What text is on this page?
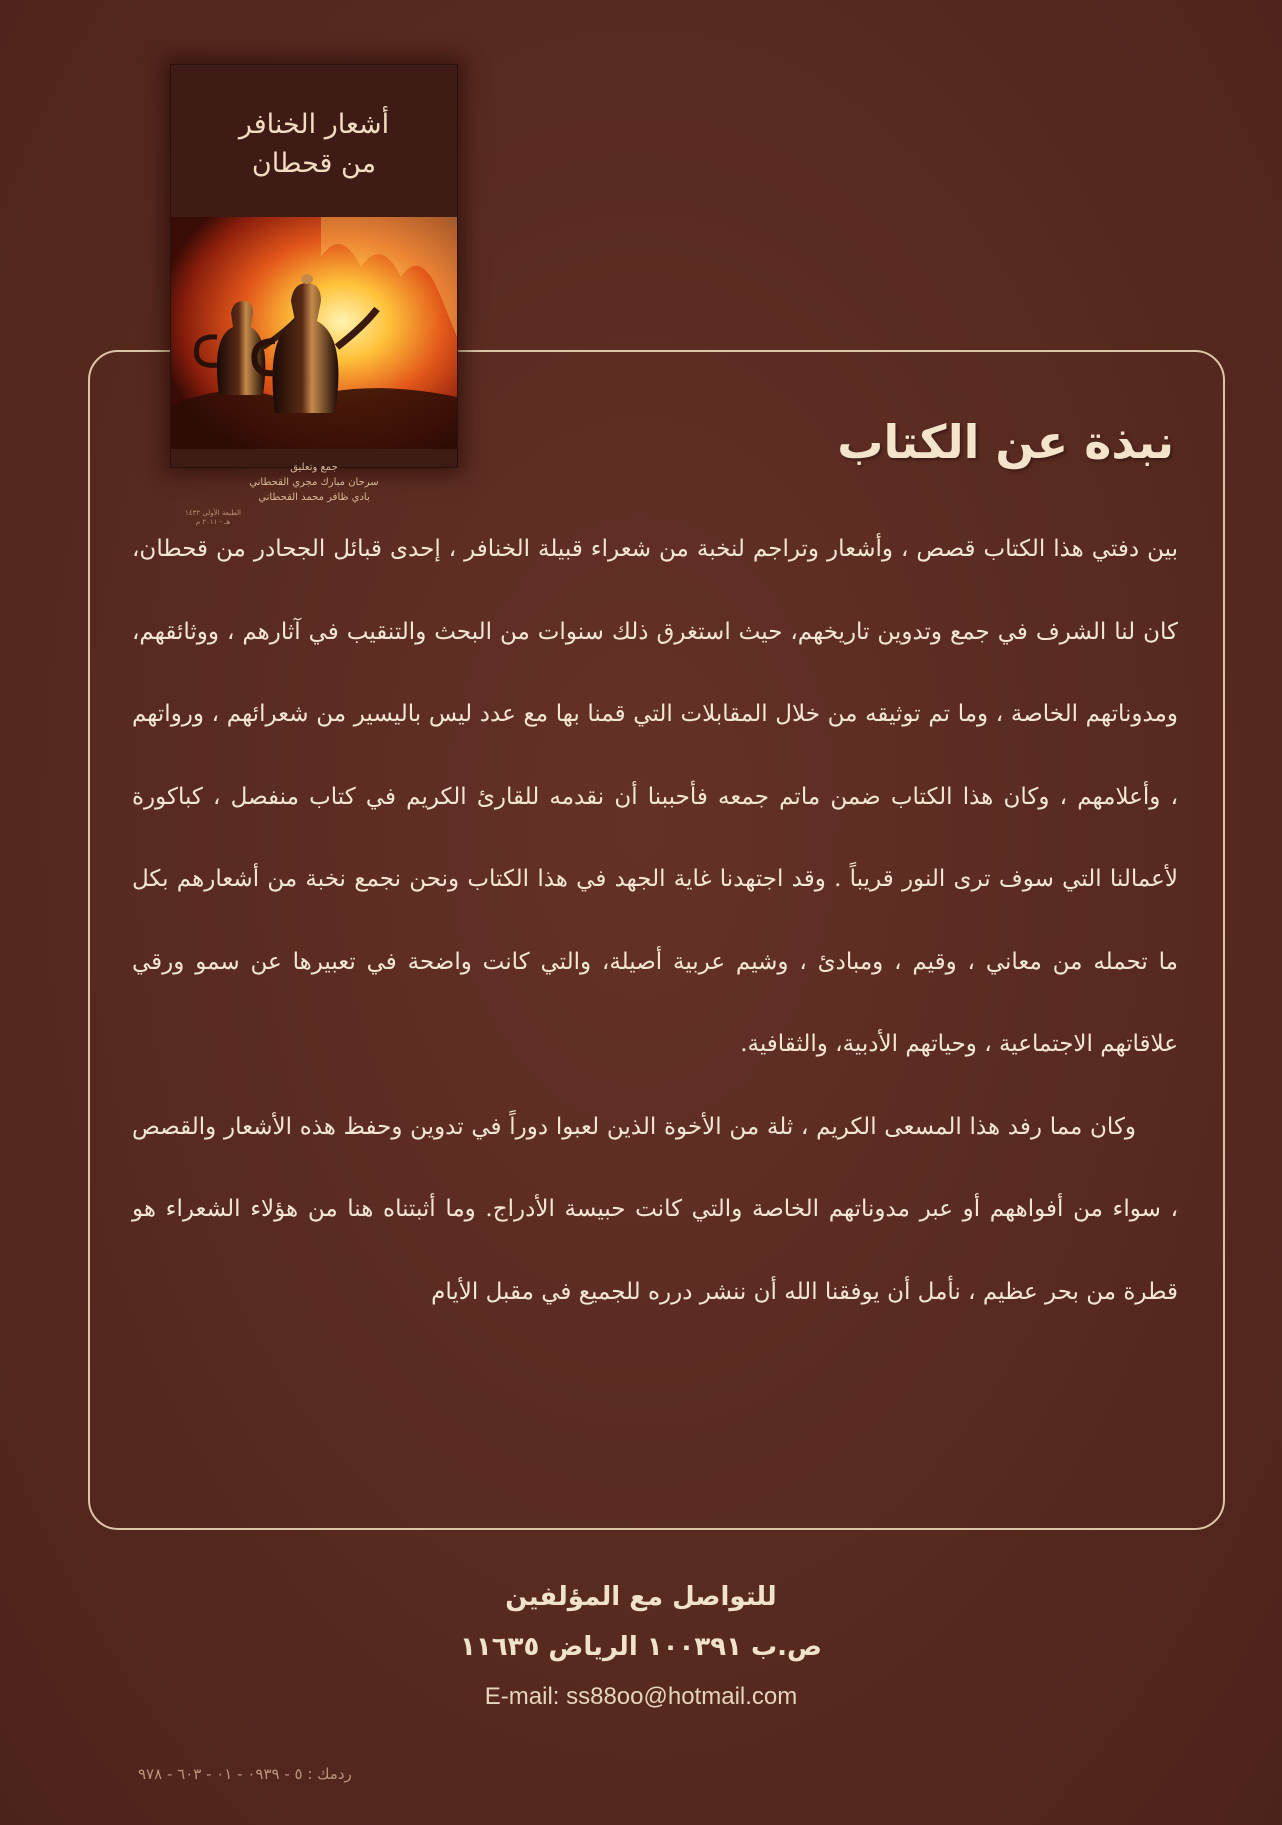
أشعار الخنافر
من قحطان
جمع وتعليق
سرحان مبارك مجري القحطاني
بادي ظافر محمد القحطاني
الطبعة الأولى ١٤٣٢ هـ - ٢٠١١ م
نبذة عن الكتاب

بين دفتي هذا الكتاب قصص ، وأشعار وتراجم لنخبة من شعراء قبيلة الخنافر ، إحدى قبائل الجحادر من قحطان، كان لنا الشرف في جمع وتدوين تاريخهم، حيث استغرق ذلك سنوات من البحث والتنقيب في آثارهم ، ووثائقهم، ومدوناتهم الخاصة ، وما تم توثيقه من خلال المقابلات التي قمنا بها مع عدد ليس باليسير من شعرائهم ، ورواتهم ، وأعلامهم ، وكان هذا الكتاب ضمن ماتم جمعه فأحببنا أن نقدمه للقارئ الكريم في كتاب منفصل ، كباكورة لأعمالنا التي سوف ترى النور قريباً . وقد اجتهدنا غاية الجهد في هذا الكتاب ونحن نجمع نخبة من أشعارهم بكل ما تحمله من معاني ، وقيم ، ومبادئ ، وشيم عربية أصيلة، والتي كانت واضحة في تعبيرها عن سمو ورقي علاقاتهم الاجتماعية ، وحياتهم الأدبية، والثقافية.

وكان مما رفد هذا المسعى الكريم ، ثلة من الأخوة الذين لعبوا دوراً في تدوين وحفظ هذه الأشعار والقصص ، سواء من أفواههم أو عبر مدوناتهم الخاصة والتي كانت حبيسة الأدراج. وما أثبتناه هنا من هؤلاء الشعراء هو قطرة من بحر عظيم ، نأمل أن يوفقنا الله أن ننشر درره للجميع في مقبل الأيام

للتواصل مع المؤلفين
ص.ب ١٠٠٣٩١ الرياض ١١٦٣٥
E-mail: ss88oo@hotmail.com
ردمك : ٥ - ٠٩٣٩ - ٠١ - ٦٠٣ - ٩٧٨
